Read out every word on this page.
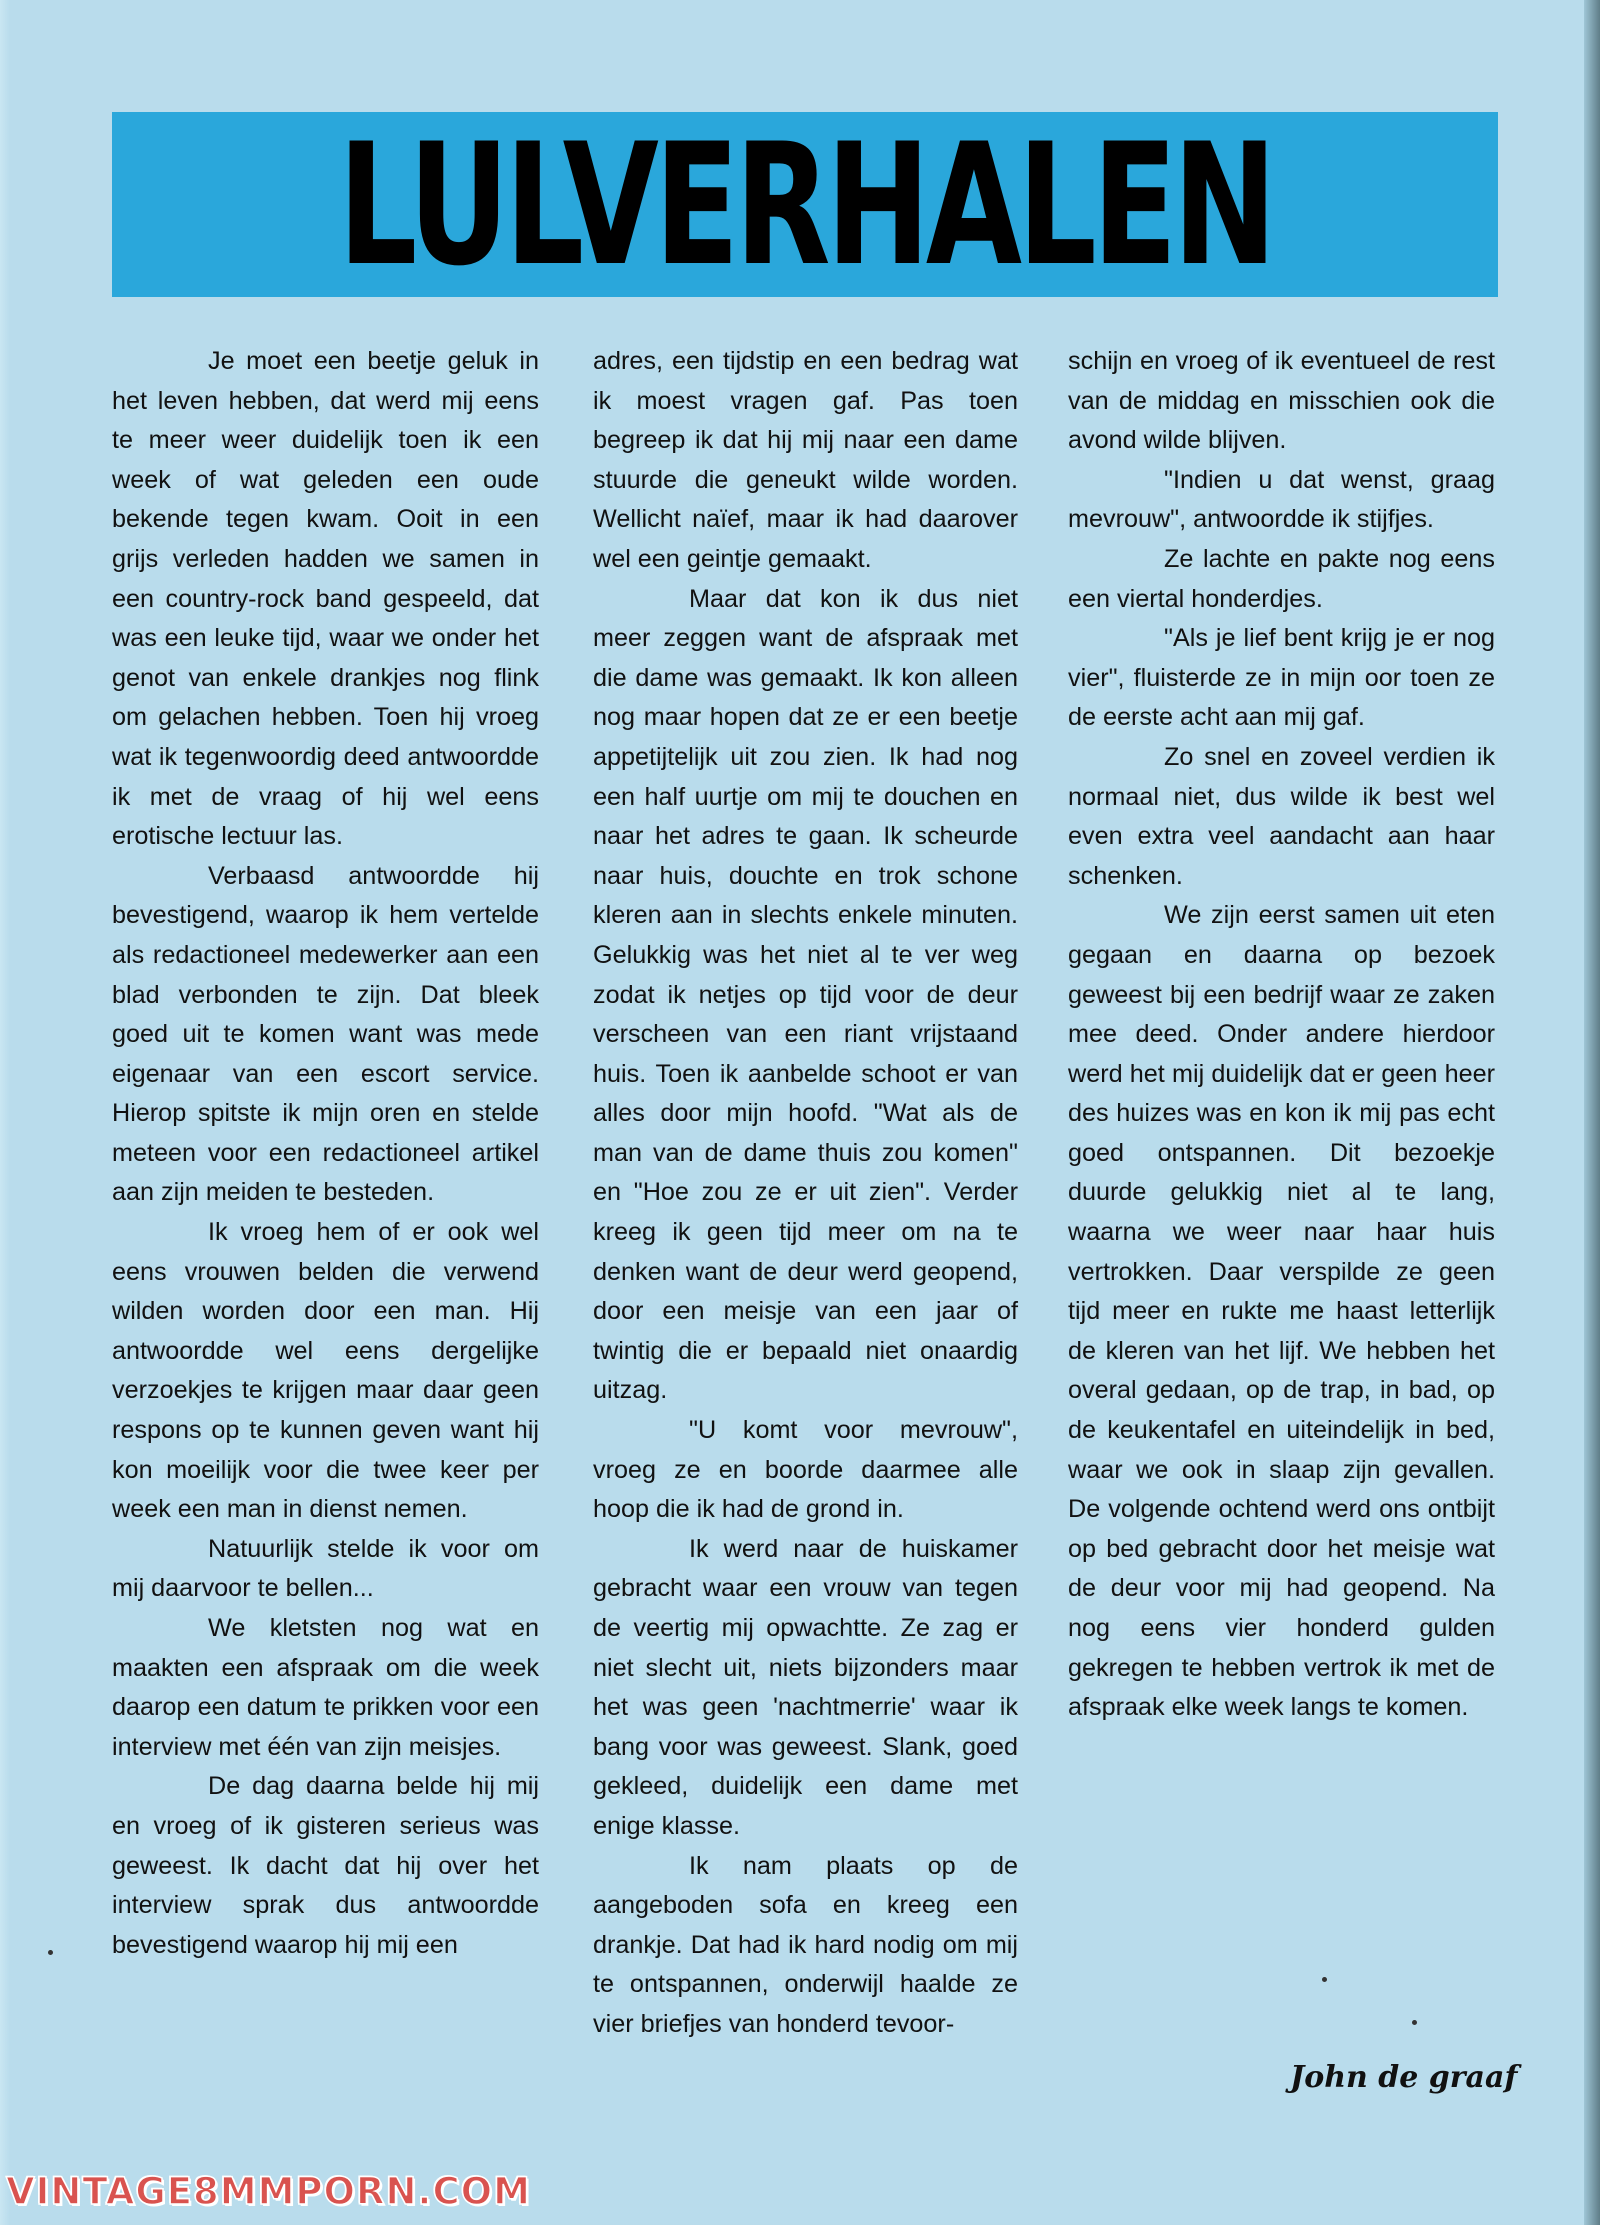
LULVERHALEN

Je moet een beetje geluk in het leven hebben, dat werd mij eens te meer weer duidelijk toen ik een week of wat geleden een oude bekende tegen kwam. Ooit in een grijs verleden hadden we samen in een country-rock band gespeeld, dat was een leuke tijd, waar we onder het genot van enkele drankjes nog flink om gelachen hebben. Toen hij vroeg wat ik tegenwoordig deed antwoordde ik met de vraag of hij wel eens erotische lectuur las.

Verbaasd antwoordde hij bevestigend, waarop ik hem vertelde als redactioneel medewerker aan een blad verbonden te zijn. Dat bleek goed uit te komen want was mede eigenaar van een escort service. Hierop spitste ik mijn oren en stelde meteen voor een redactioneel artikel aan zijn meiden te besteden.

Ik vroeg hem of er ook wel eens vrouwen belden die verwend wilden worden door een man. Hij antwoordde wel eens dergelijke verzoekjes te krijgen maar daar geen respons op te kunnen geven want hij kon moeilijk voor die twee keer per week een man in dienst nemen.

Natuurlijk stelde ik voor om mij daarvoor te bellen...

We kletsten nog wat en maakten een afspraak om die week daarop een datum te prikken voor een interview met één van zijn meisjes.

De dag daarna belde hij mij en vroeg of ik gisteren serieus was geweest. Ik dacht dat hij over het interview sprak dus antwoordde bevestigend waarop hij mij een

adres, een tijdstip en een bedrag wat ik moest vragen gaf. Pas toen begreep ik dat hij mij naar een dame stuurde die geneukt wilde worden. Wellicht naïef, maar ik had daarover wel een geintje gemaakt.

Maar dat kon ik dus niet meer zeggen want de afspraak met die dame was gemaakt. Ik kon alleen nog maar hopen dat ze er een beetje appetijtelijk uit zou zien. Ik had nog een half uurtje om mij te douchen en naar het adres te gaan. Ik scheurde naar huis, douchte en trok schone kleren aan in slechts enkele minuten. Gelukkig was het niet al te ver weg zodat ik netjes op tijd voor de deur verscheen van een riant vrijstaand huis. Toen ik aanbelde schoot er van alles door mijn hoofd. "Wat als de man van de dame thuis zou komen" en "Hoe zou ze er uit zien". Verder kreeg ik geen tijd meer om na te denken want de deur werd geopend, door een meisje van een jaar of twintig die er bepaald niet onaardig uitzag.

"U komt voor mevrouw", vroeg ze en boorde daarmee alle hoop die ik had de grond in.

Ik werd naar de huiskamer gebracht waar een vrouw van tegen de veertig mij opwachtte. Ze zag er niet slecht uit, niets bijzonders maar het was geen 'nachtmerrie' waar ik bang voor was geweest. Slank, goed gekleed, duidelijk een dame met enige klasse.

Ik nam plaats op de aangeboden sofa en kreeg een drankje. Dat had ik hard nodig om mij te ontspannen, onderwijl haalde ze vier briefjes van honderd tevoor-

schijn en vroeg of ik eventueel de rest van de middag en misschien ook die avond wilde blijven.

"Indien u dat wenst, graag mevrouw", antwoordde ik stijfjes.

Ze lachte en pakte nog eens een viertal honderdjes.

"Als je lief bent krijg je er nog vier", fluisterde ze in mijn oor toen ze de eerste acht aan mij gaf.

Zo snel en zoveel verdien ik normaal niet, dus wilde ik best wel even extra veel aandacht aan haar schenken.

We zijn eerst samen uit eten gegaan en daarna op bezoek geweest bij een bedrijf waar ze zaken mee deed. Onder andere hierdoor werd het mij duidelijk dat er geen heer des huizes was en kon ik mij pas echt goed ontspannen. Dit bezoekje duurde gelukkig niet al te lang, waarna we weer naar haar huis vertrokken. Daar verspilde ze geen tijd meer en rukte me haast letterlijk de kleren van het lijf. We hebben het overal gedaan, op de trap, in bad, op de keukentafel en uiteindelijk in bed, waar we ook in slaap zijn gevallen. De volgende ochtend werd ons ontbijt op bed gebracht door het meisje wat de deur voor mij had geopend. Na nog eens vier honderd gulden gekregen te hebben vertrok ik met de afspraak elke week langs te komen.

John de graaf
VINTAGE8MMPORN.COM
